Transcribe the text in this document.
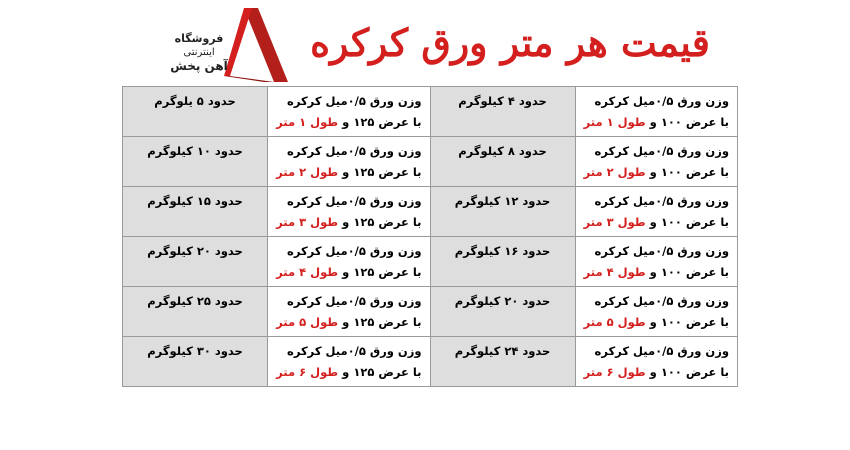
فروشگاه
اینترنتی
آهن پخش
قیمت هر متر ورق کرکره
وزن ورق ۰/۵میل کرکره
با عرض ۱۰۰ و طول ۱ متر	حدود ۴ کیلوگرم	وزن ورق ۰/۵میل کرکره
با عرض ۱۲۵ و طول ۱ متر	حدود ۵ یلوگرم

وزن ورق ۰/۵میل کرکره
با عرض ۱۰۰ و طول ۲ متر	حدود ۸ کیلوگرم	وزن ورق ۰/۵میل کرکره
با عرض ۱۲۵ و طول ۲ متر	حدود ۱۰ کیلوگرم

وزن ورق ۰/۵میل کرکره
با عرض ۱۰۰ و طول ۳ متر	حدود ۱۲ کیلوگرم	وزن ورق ۰/۵میل کرکره
با عرض ۱۲۵ و طول ۳ متر	حدود ۱۵ کیلوگرم

وزن ورق ۰/۵میل کرکره
با عرض ۱۰۰ و طول ۴ متر	حدود ۱۶ کیلوگرم	وزن ورق ۰/۵میل کرکره
با عرض ۱۲۵ و طول ۴ متر	حدود ۲۰ کیلوگرم

وزن ورق ۰/۵میل کرکره
با عرض ۱۰۰ و طول ۵ متر	حدود ۲۰ کیلوگرم	وزن ورق ۰/۵میل کرکره
با عرض ۱۲۵ و طول ۵ متر	حدود ۲۵ کیلوگرم

وزن ورق ۰/۵میل کرکره
با عرض ۱۰۰ و طول ۶ متر	حدود ۲۴ کیلوگرم	وزن ورق ۰/۵میل کرکره
با عرض ۱۲۵ و طول ۶ متر	حدود ۳۰ کیلوگرم
